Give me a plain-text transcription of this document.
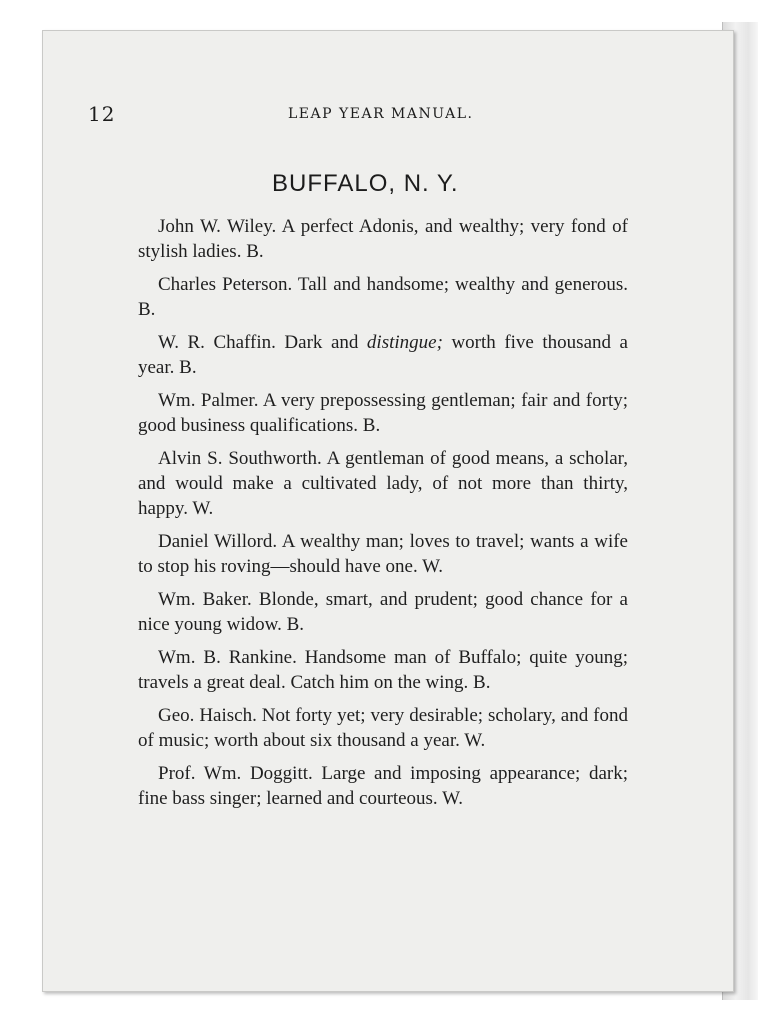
12	LEAP YEAR MANUAL.
BUFFALO, N. Y.

John W. Wiley. A perfect Adonis, and wealthy; very fond of stylish ladies. B.

Charles Peterson. Tall and handsome; wealthy and generous. B.

W. R. Chaffin. Dark and distingue; worth five thousand a year. B.

Wm. Palmer. A very prepossessing gentleman; fair and forty; good business qualifications. B.

Alvin S. Southworth. A gentleman of good means, a scholar, and would make a cultivated lady, of not more than thirty, happy. W.

Daniel Willord. A wealthy man; loves to travel; wants a wife to stop his roving—should have one. W.

Wm. Baker. Blonde, smart, and prudent; good chance for a nice young widow. B.

Wm. B. Rankine. Handsome man of Buffalo; quite young; travels a great deal. Catch him on the wing. B.

Geo. Haisch. Not forty yet; very desirable; scholary, and fond of music; worth about six thousand a year. W.

Prof. Wm. Doggitt. Large and imposing appearance; dark; fine bass singer; learned and courteous. W.
